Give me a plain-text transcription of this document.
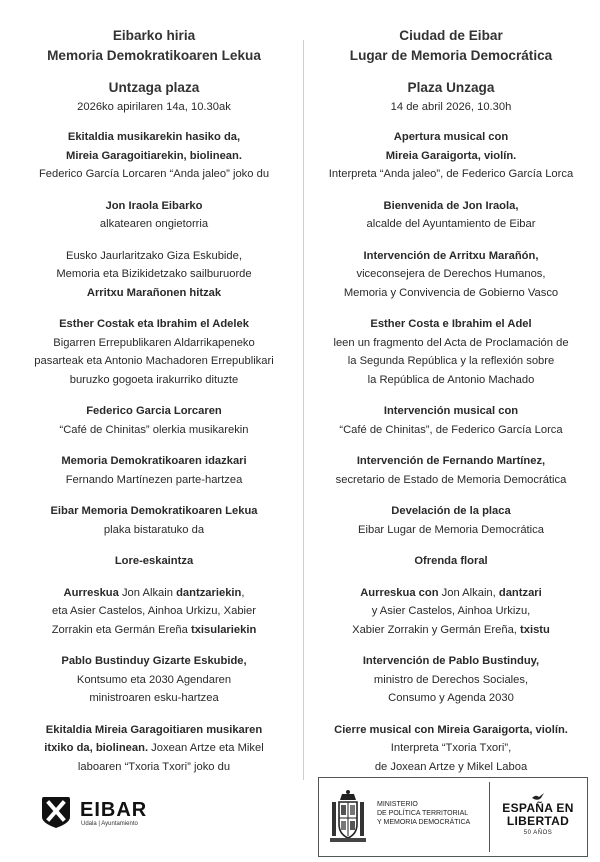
Eibarko hiria
Memoria Demokratikoaren Lekua
Untzaga plaza
2026ko apirilaren 14a, 10.30ak
Ekitaldia musikarekin hasiko da,
Mireia Garagoitiarekin, biolinean.
Federico García Lorcaren “Anda jaleo” joko du
Jon Iraola Eibarko
alkatearen ongietorria
Eusko Jaurlaritzako Giza Eskubide,
Memoria eta Bizikidetzako sailburuorde
Arritxu Marañonen hitzak
Esther Costak eta Ibrahim el Adelek
Bigarren Errepublikaren Aldarrikapeneko
pasarteak eta Antonio Machadoren Errepublikari
buruzko gogoeta irakurriko dituzte
Federico Garcia Lorcaren
“Café de Chinitas” olerkia musikarekin
Memoria Demokratikoaren idazkari
Fernando Martínezen parte-hartzea
Eibar Memoria Demokratikoaren Lekua
plaka bistaratuko da
Lore-eskaintza
Aurreskua Jon Alkain dantzariekin,
eta Asier Castelos, Ainhoa Urkizu, Xabier
Zorrakin eta Germán Ereña txisulariekin
Pablo Bustinduy Gizarte Eskubide,
Kontsumo eta 2030 Agendaren
ministroaren esku-hartzea
Ekitaldia Mireia Garagoitiaren musikaren
itxiko da, biolinean. Joxean Artze eta Mikel
laboaren “Txoria Txori” joko du
Ciudad de Eibar
Lugar de Memoria Democrática
Plaza Unzaga
14 de abril 2026, 10.30h
Apertura musical con
Mireia Garaigorta, violín.
Interpreta “Anda jaleo”, de Federico García Lorca
Bienvenida de Jon Iraola,
alcalde del Ayuntamiento de Eibar
Intervención de Arritxu Marañón,
viceconsejera de Derechos Humanos,
Memoria y Convivencia de Gobierno Vasco
Esther Costa e Ibrahim el Adel
leen un fragmento del Acta de Proclamación de
la Segunda República y la reflexión sobre
la República de Antonio Machado
Intervención musical con
“Café de Chinitas”, de Federico García Lorca
Intervención de Fernando Martínez,
secretario de Estado de Memoria Democrática
Develación de la placa
Eibar Lugar de Memoria Democrática
Ofrenda floral
Aurreskua con Jon Alkain, dantzari
y Asier Castelos, Ainhoa Urkizu,
Xabier Zorrakin y Germán Ereña, txistu
Intervención de Pablo Bustinduy,
ministro de Derechos Sociales,
Consumo y Agenda 2030
Cierre musical con Mireia Garaigorta, violín.
Interpreta “Txoria Txori”,
de Joxean Artze y Mikel Laboa
EIBAR
Udala | Ayuntamiento
MINISTERIO
DE POLÍTICA TERRITORIAL
Y MEMORIA DEMOCRÁTICA
ESPAÑA EN
LIBERTAD
50 AÑOS
